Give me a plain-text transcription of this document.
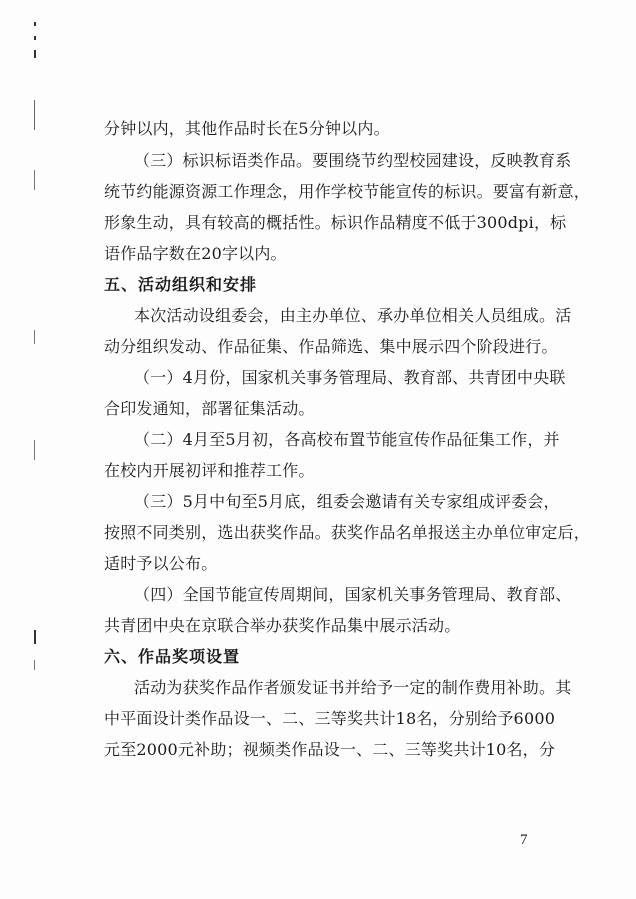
分钟以内，其他作品时长在5分钟以内。
（三）标识标语类作品。要围绕节约型校园建设，反映教育系
统节约能源资源工作理念，用作学校节能宣传的标识。要富有新意，
形象生动，具有较高的概括性。标识作品精度不低于300dpi，标
语作品字数在20字以内。
五、活动组织和安排
本次活动设组委会，由主办单位、承办单位相关人员组成。活
动分组织发动、作品征集、作品筛选、集中展示四个阶段进行。
（一）4月份，国家机关事务管理局、教育部、共青团中央联
合印发通知，部署征集活动。
（二）4月至5月初，各高校布置节能宣传作品征集工作，并
在校内开展初评和推荐工作。
（三）5月中旬至5月底，组委会邀请有关专家组成评委会，
按照不同类别，选出获奖作品。获奖作品名单报送主办单位审定后，
适时予以公布。
（四）全国节能宣传周期间，国家机关事务管理局、教育部、
共青团中央在京联合举办获奖作品集中展示活动。
六、作品奖项设置
活动为获奖作品作者颁发证书并给予一定的制作费用补助。其
中平面设计类作品设一、二、三等奖共计18名，分别给予6000
元至2000元补助；视频类作品设一、二、三等奖共计10名，分
7
